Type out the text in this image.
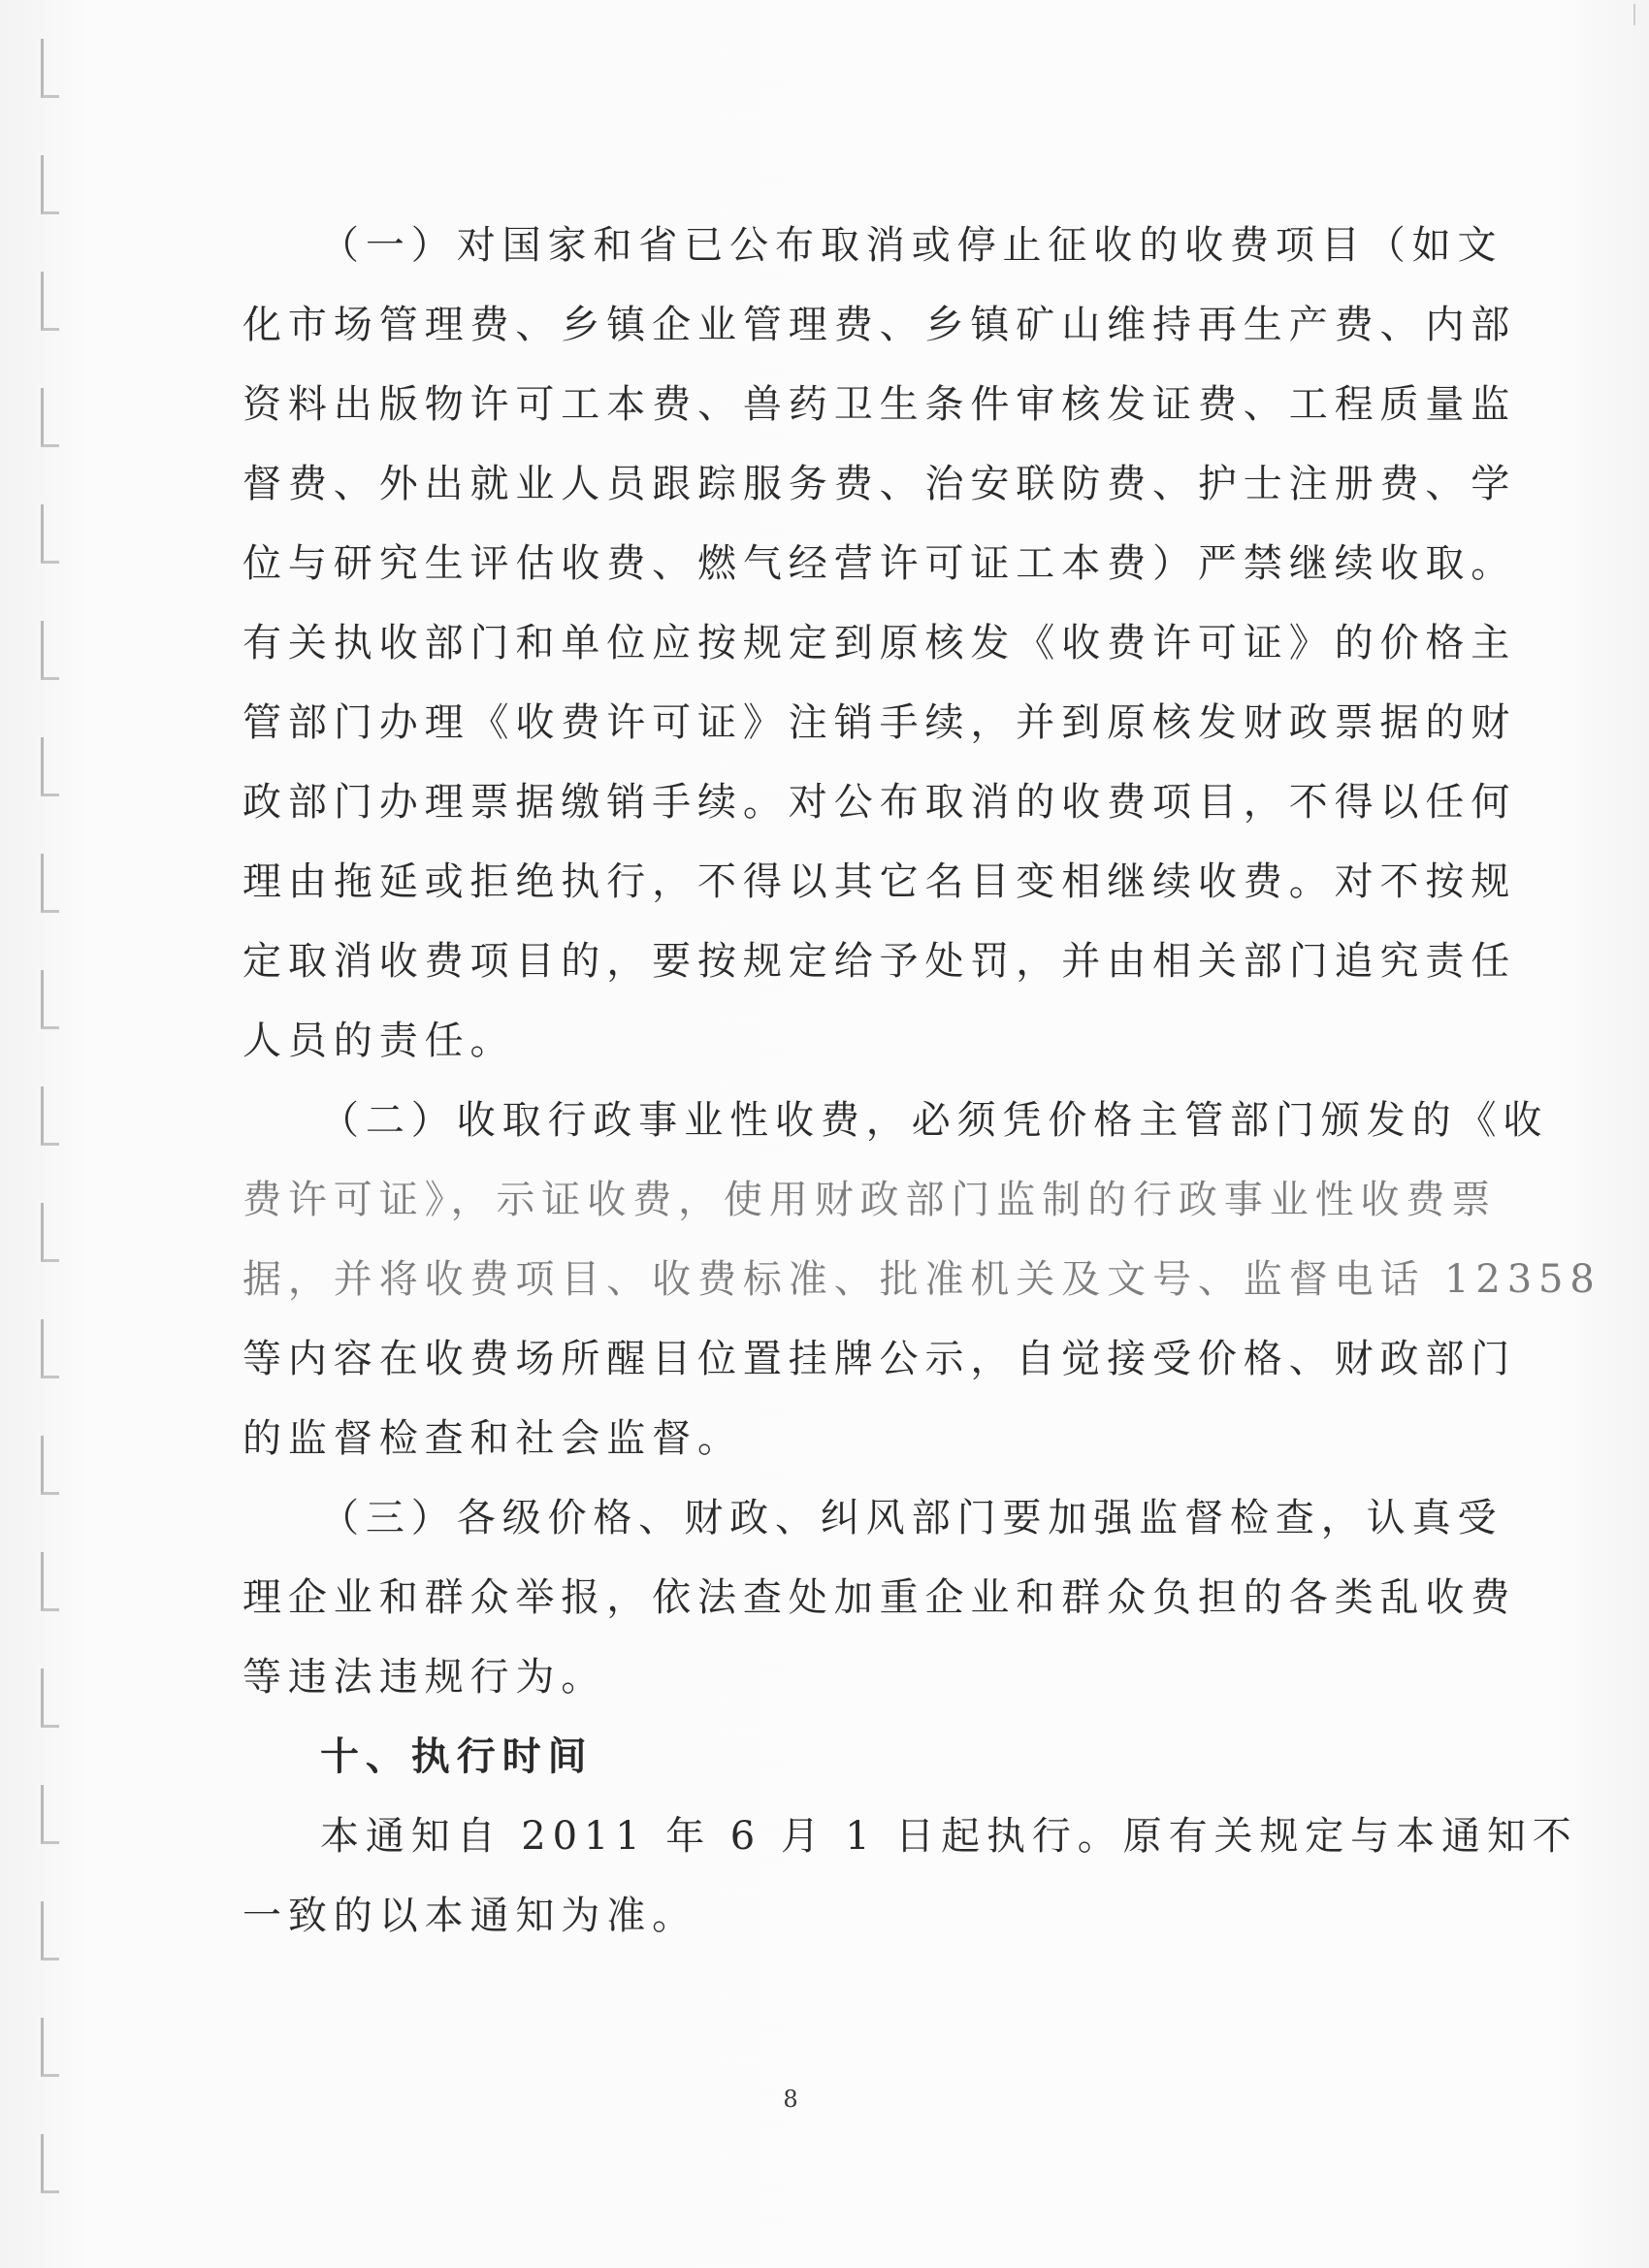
（一）对国家和省已公布取消或停止征收的收费项目（如文
化市场管理费、乡镇企业管理费、乡镇矿山维持再生产费、内部
资料出版物许可工本费、兽药卫生条件审核发证费、工程质量监
督费、外出就业人员跟踪服务费、治安联防费、护士注册费、学
位与研究生评估收费、燃气经营许可证工本费）严禁继续收取。
有关执收部门和单位应按规定到原核发《收费许可证》的价格主
管部门办理《收费许可证》注销手续，并到原核发财政票据的财
政部门办理票据缴销手续。对公布取消的收费项目，不得以任何
理由拖延或拒绝执行，不得以其它名目变相继续收费。对不按规
定取消收费项目的，要按规定给予处罚，并由相关部门追究责任
人员的责任。
（二）收取行政事业性收费，必须凭价格主管部门颁发的《收
费许可证》，示证收费，使用财政部门监制的行政事业性收费票
据，并将收费项目、收费标准、批准机关及文号、监督电话 12358
等内容在收费场所醒目位置挂牌公示，自觉接受价格、财政部门
的监督检查和社会监督。
（三）各级价格、财政、纠风部门要加强监督检查，认真受
理企业和群众举报，依法查处加重企业和群众负担的各类乱收费
等违法违规行为。
十、执行时间
本通知自 2011 年 6 月 1 日起执行。原有关规定与本通知不
一致的以本通知为准。
8
